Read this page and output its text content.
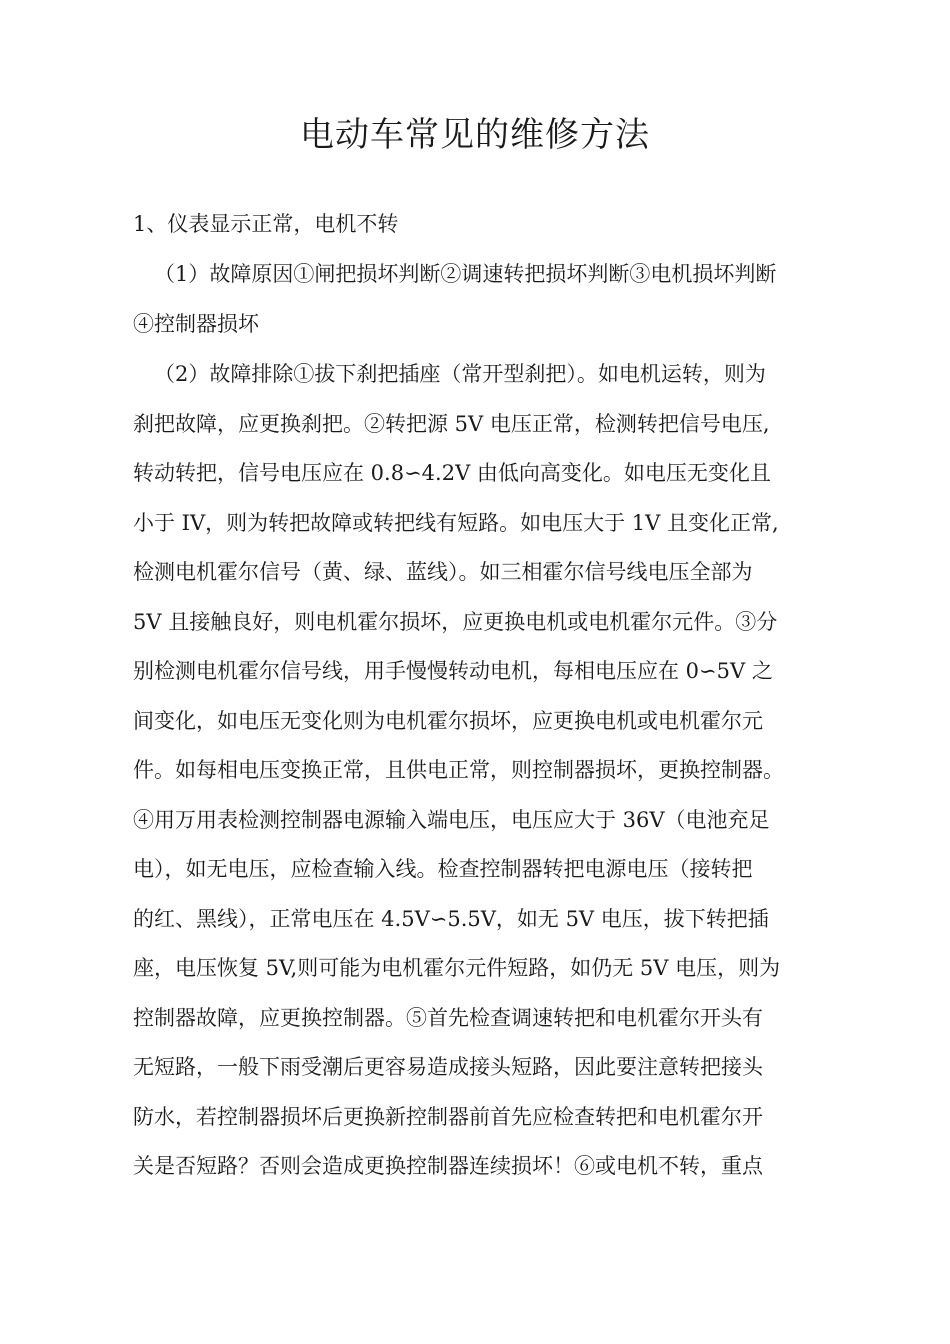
电动车常见的维修方法

1、仪表显示正常，电机不转

（1）故障原因①闸把损坏判断②调速转把损坏判断③电机损坏判断
④控制器损坏
（2）故障排除①拔下刹把插座（常开型刹把）。如电机运转，则为
刹把故障，应更换刹把。②转把源 5V 电压正常，检测转把信号电压,
转动转把，信号电压应在 0.8∽4.2V 由低向高变化。如电压无变化且
小于 IV，则为转把故障或转把线有短路。如电压大于 1V 且变化正常,
检测电机霍尔信号（黄、绿、蓝线）。如三相霍尔信号线电压全部为
5V 且接触良好，则电机霍尔损坏，应更换电机或电机霍尔元件。③分
别检测电机霍尔信号线，用手慢慢转动电机，每相电压应在 0∽5V 之
间变化，如电压无变化则为电机霍尔损坏，应更换电机或电机霍尔元
件。如每相电压变换正常，且供电正常，则控制器损坏，更换控制器。
④用万用表检测控制器电源输入端电压，电压应大于 36V（电池充足
电），如无电压，应检查输入线。检查控制器转把电源电压（接转把
的红、黑线），正常电压在 4.5V∽5.5V，如无 5V 电压，拔下转把插
座，电压恢复 5V,则可能为电机霍尔元件短路，如仍无 5V 电压，则为
控制器故障，应更换控制器。⑤首先检查调速转把和电机霍尔开头有
无短路，一般下雨受潮后更容易造成接头短路，因此要注意转把接头
防水，若控制器损坏后更换新控制器前首先应检查转把和电机霍尔开
关是否短路？否则会造成更换控制器连续损坏！⑥或电机不转，重点
